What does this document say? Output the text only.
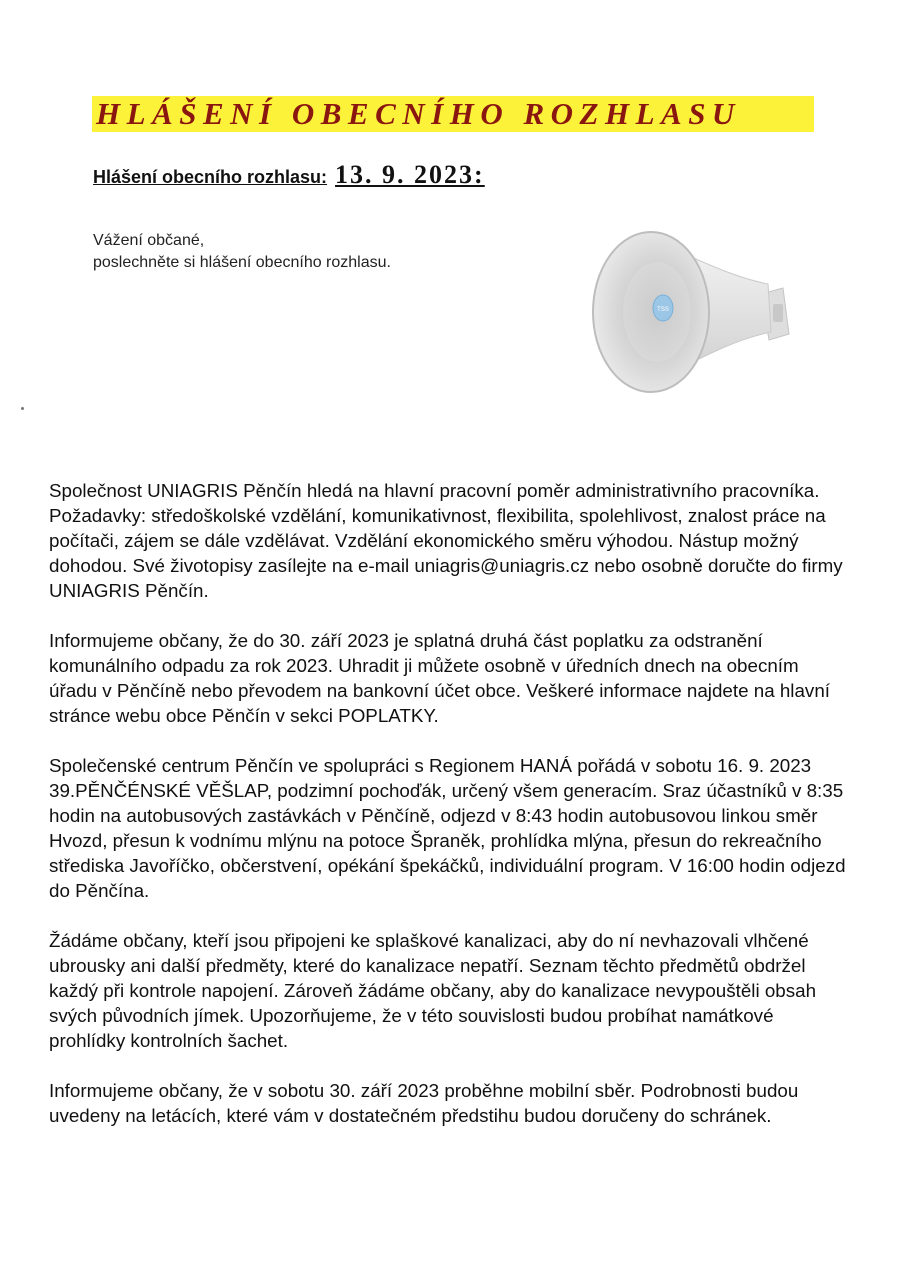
HLÁŠENÍ OBECNÍHO ROZHLASU
Hlášení obecního rozhlasu: 13. 9. 2023:

Vážení občané,

poslechněte si hlášení obecního rozhlasu.

TSS

Společnost UNIAGRIS Pěnčín hledá na hlavní pracovní poměr administrativního pracovníka. Požadavky: středoškolské vzdělání, komunikativnost, flexibilita, spolehlivost, znalost práce na počítači, zájem se dále vzdělávat. Vzdělání ekonomického směru výhodou. Nástup možný dohodou. Své životopisy zasílejte na e-mail uniagris@uniagris.cz nebo osobně doručte do firmy UNIAGRIS Pěnčín.

Informujeme občany, že do 30. září 2023 je splatná druhá část poplatku za odstranění komunálního odpadu za rok 2023. Uhradit ji můžete osobně v úředních dnech na obecním úřadu v Pěnčíně nebo převodem na bankovní účet obce. Veškeré informace najdete na hlavní stránce webu obce Pěnčín v sekci POPLATKY.

Společenské centrum Pěnčín ve spolupráci s Regionem HANÁ pořádá v sobotu 16. 9. 2023 39.PĚNČÉNSKÉ VĚŠLAP, podzimní pochoďák, určený všem generacím. Sraz účastníků v 8:35 hodin na autobusových zastávkách v Pěnčíně, odjezd v 8:43 hodin autobusovou linkou směr Hvozd, přesun k vodnímu mlýnu na potoce Špraněk, prohlídka mlýna, přesun do rekreačního střediska Javoříčko, občerstvení, opékání špekáčků, individuální program. V 16:00 hodin odjezd do Pěnčína.

Žádáme občany, kteří jsou připojeni ke splaškové kanalizaci, aby do ní nevhazovali vlhčené ubrousky ani další předměty, které do kanalizace nepatří. Seznam těchto předmětů obdržel každý při kontrole napojení. Zároveň žádáme občany, aby do kanalizace nevypouštěli obsah svých původních jímek. Upozorňujeme, že v této souvislosti budou probíhat namátkové prohlídky kontrolních šachet.

Informujeme občany, že v sobotu 30. září 2023 proběhne mobilní sběr. Podrobnosti budou uvedeny na letácích, které vám v dostatečném předstihu budou doručeny do schránek.
